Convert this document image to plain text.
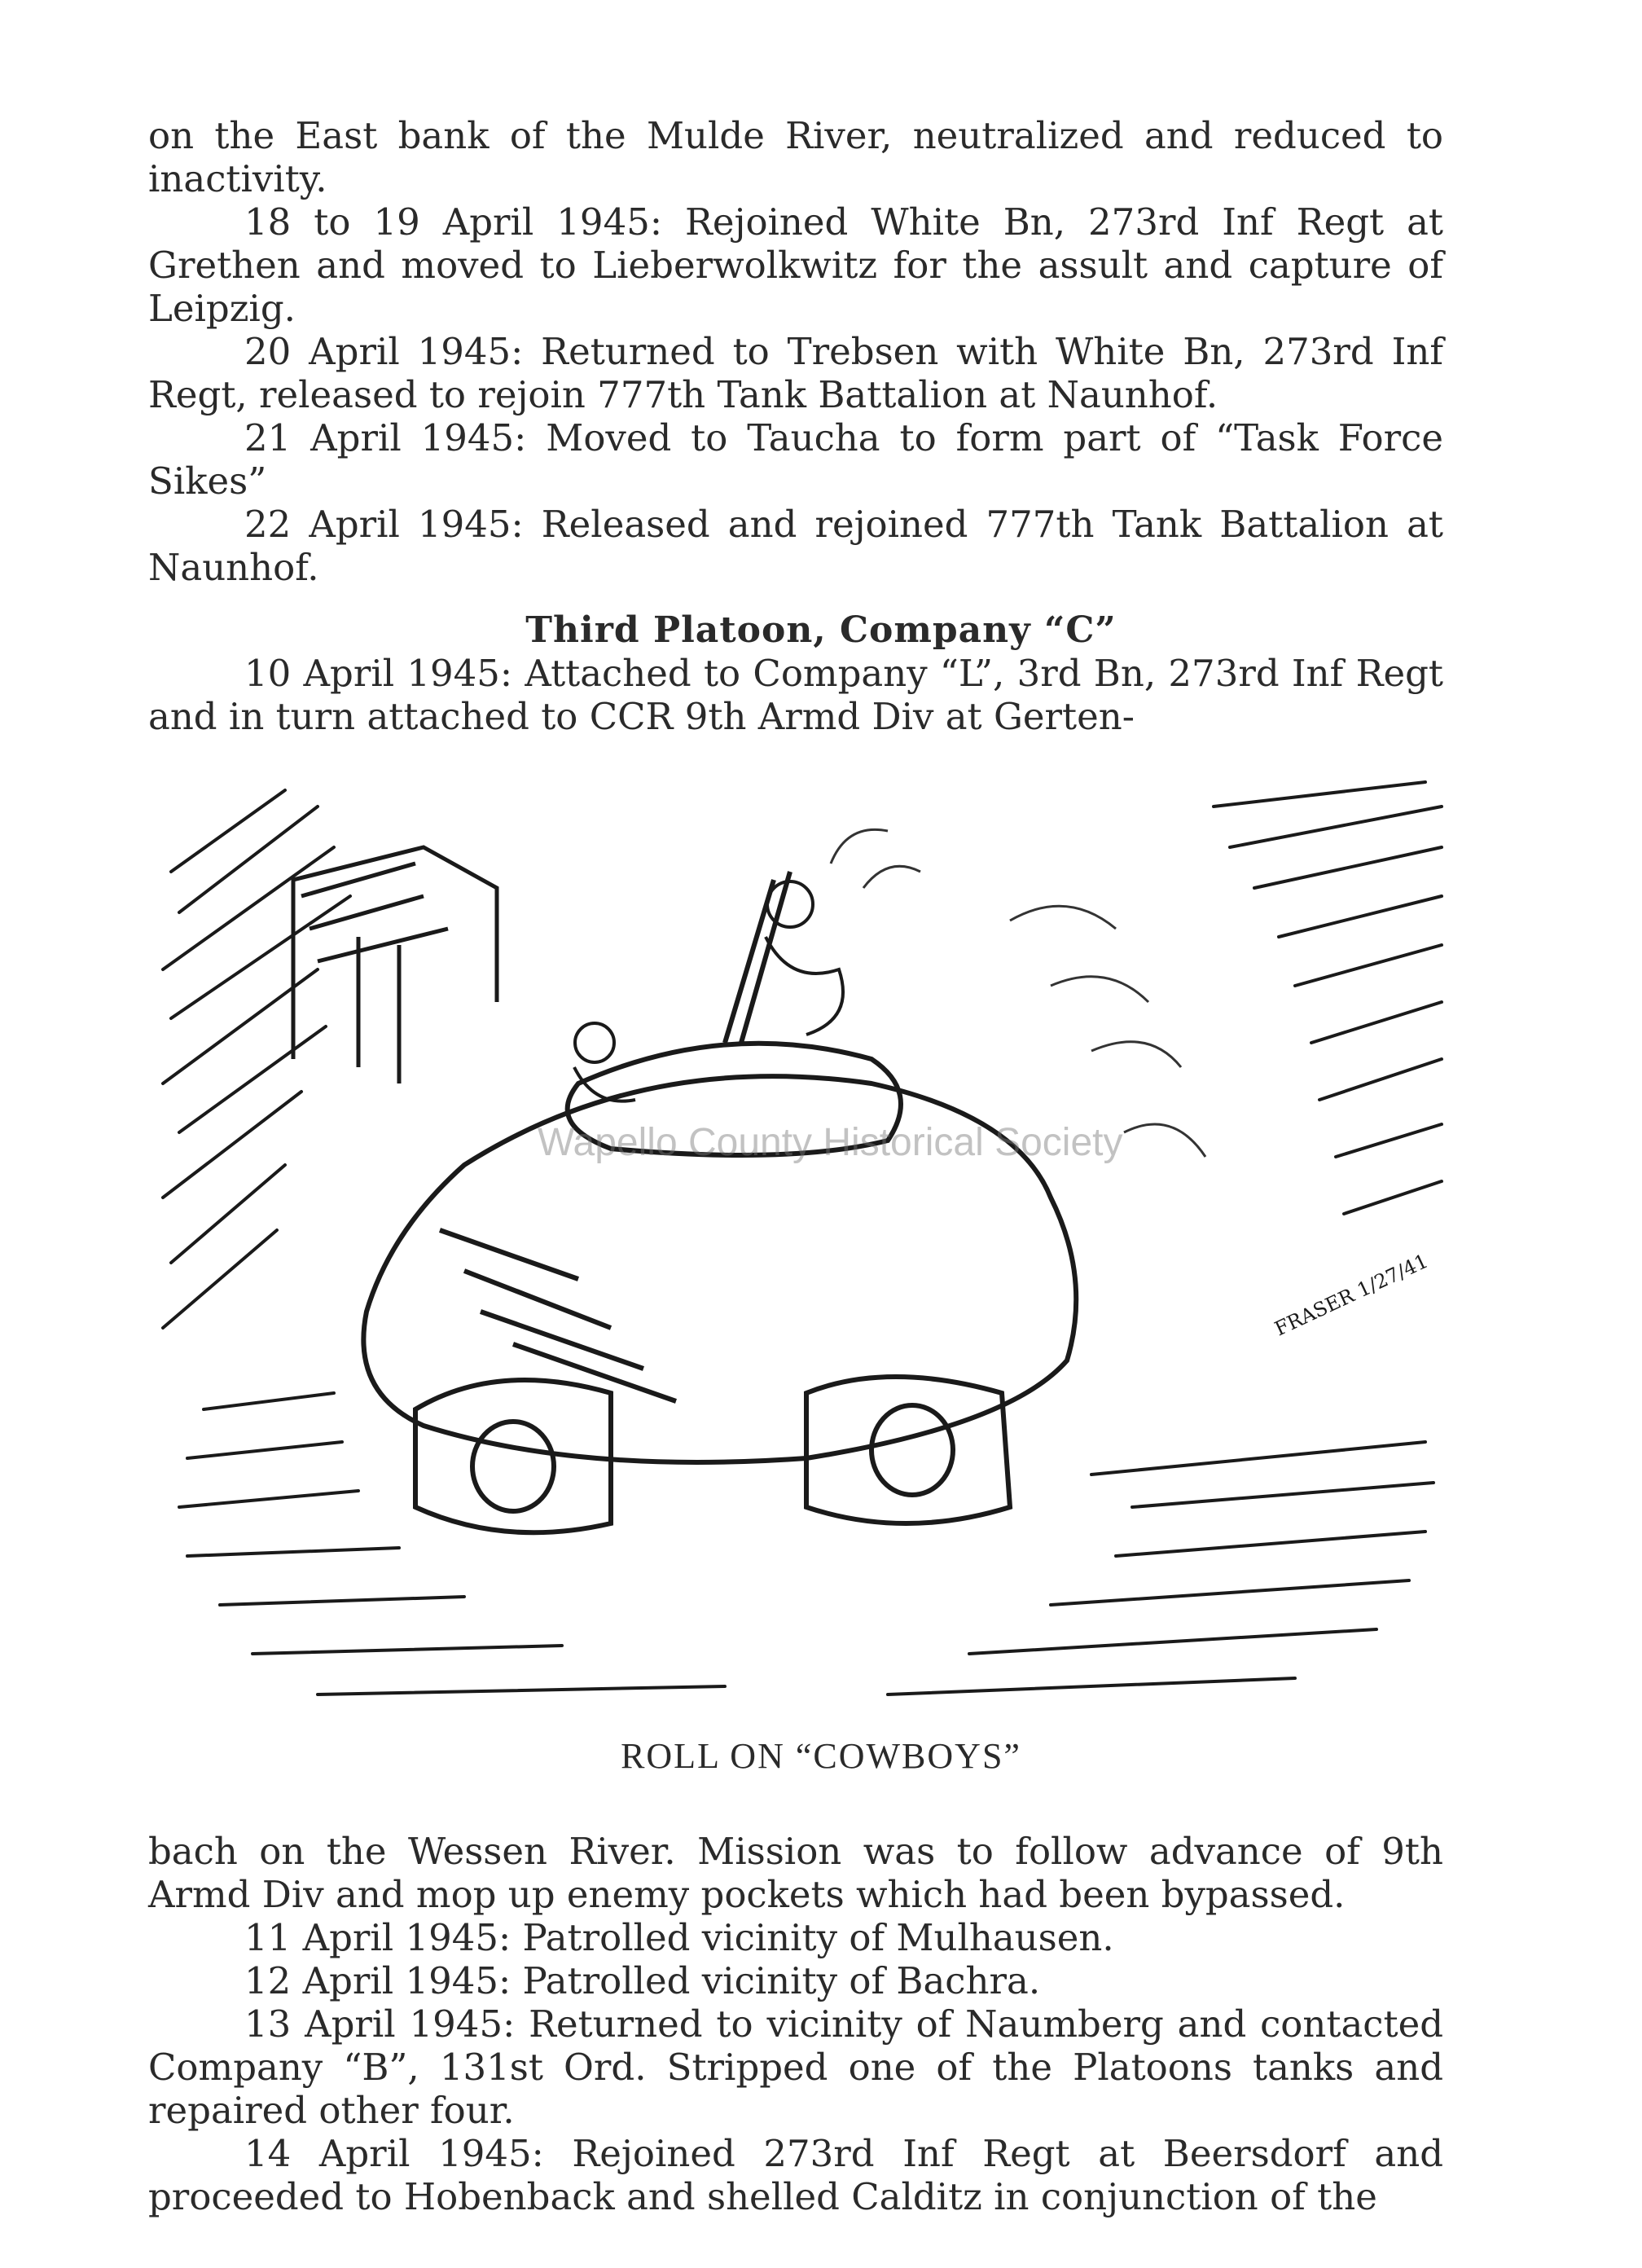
on the East bank of the Mulde River, neutralized and reduced to inactivity.

18 to 19 April 1945: Rejoined White Bn, 273rd Inf Regt at Grethen and moved to Lieberwolkwitz for the assult and capture of Leipzig.

20 April 1945: Returned to Trebsen with White Bn, 273rd Inf Regt, released to rejoin 777th Tank Battalion at Naunhof.

21 April 1945: Moved to Taucha to form part of “Task Force Sikes”

22 April 1945: Released and rejoined 777th Tank Battalion at Naunhof.

Third Platoon, Company “C”

10 April 1945: Attached to Company “L”, 3rd Bn, 273rd Inf Regt and in turn attached to CCR 9th Armd Div at Gerten-

FRASER 1/27/41
Wapello County Historical Society
ROLL ON “COWBOYS”

bach on the Wessen River. Mission was to follow advance of 9th Armd Div and mop up enemy pockets which had been bypassed.

11 April 1945: Patrolled vicinity of Mulhausen.

12 April 1945: Patrolled vicinity of Bachra.

13 April 1945: Returned to vicinity of Naumberg and contacted Company “B”, 131st Ord. Stripped one of the Platoons tanks and repaired other four.

14 April 1945: Rejoined 273rd Inf Regt at Beersdorf and proceeded to Hobenback and shelled Calditz in conjunction of the
